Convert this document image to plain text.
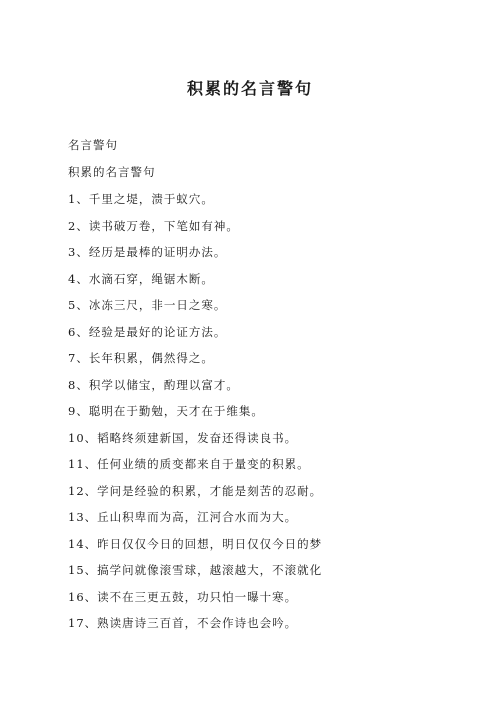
积累的名言警句
名言警句
积累的名言警句
1、千里之堤，溃于蚁穴。
2、读书破万卷，下笔如有神。
3、经历是最棒的证明办法。
4、水滴石穿，绳锯木断。
5、冰冻三尺，非一日之寒。
6、经验是最好的论证方法。
7、长年积累，偶然得之。
8、积学以储宝，酌理以富才。
9、聪明在于勤勉，天才在于维集。
10、韬略终须建新国，发奋还得读良书。
11、任何业绩的质变都来自于量变的积累。
12、学问是经验的积累，才能是刻苦的忍耐。
13、丘山积卑而为高，江河合水而为大。
14、昨日仅仅今日的回想，明日仅仅今日的梦
15、搞学问就像滚雪球，越滚越大，不滚就化
16、读不在三更五鼓，功只怕一曝十寒。
17、熟读唐诗三百首，不会作诗也会吟。
